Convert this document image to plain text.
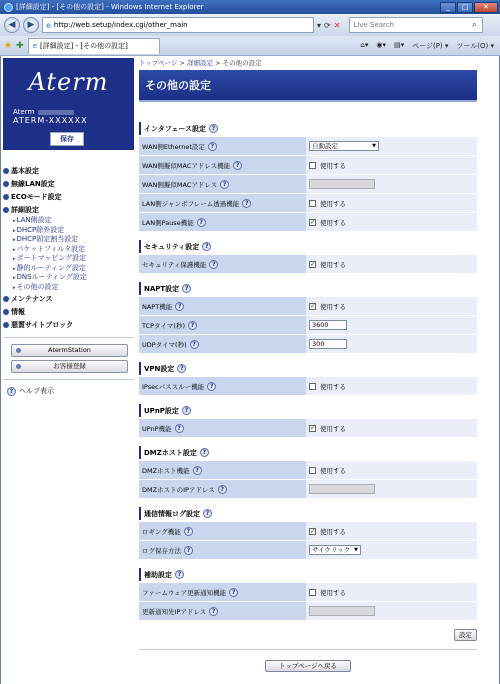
[詳細設定] - [その他の設定] - Windows Internet Explorer	_	□	✕
◀	▶	e http://web.setup/index.cgi/other_main	▾ ⟳ ✕ Live Search	⌕
★ ✚ e [詳細設定] - [その他の設定]	⌂▾ ◉▾ ▤▾ ページ(P) ▾ ツール(O) ▾
Aterm
Aterm
ATERM-XXXXXX
保存
基本設定
無線LAN設定
ECOモード設定
詳細設定
▸ LAN側設定
▸ DHCP除外設定
▸ DHCP固定割当設定
▸ パケットフィルタ設定
▸ ポートマッピング設定
▸ 静的ルーティング設定
▸ DNSルーティング設定
▸ その他の設定
メンテナンス
情報
悪質サイトブロック
AtermStation
お客様登録
? ヘルプ表示
トップページ > 詳細設定 > その他の設定
その他の設定
インタフェース設定 ?
WAN側Ethernet設定 ?	自動設定	▼
WAN側擬似MACアドレス機能 ?	使用する
WAN側擬似MACアドレス ?
LAN側ジャンボフレーム透過機能 ?	使用する
LAN側Pause機能 ? ✓	使用する
セキュリティ設定 ?
セキュリティ保護機能 ? ✓	使用する
NAPT設定 ?
NAPT機能 ? ✓	使用する
TCPタイマ(秒) ?	3600
UDPタイマ(秒) ?	300
VPN設定 ?
IPsecパススルー機能 ?	使用する
UPnP設定 ?
UPnP機能 ? ✓	使用する
DMZホスト設定 ?
DMZホスト機能 ?	使用する
DMZホストのIPアドレス ?
通信情報ログ設定 ?
ロギング機能 ? ✓	使用する
ログ保存方法 ?	サイクリック ▼
補助設定 ?
ファームウェア更新通知機能 ?	使用する
更新通知先IPアドレス ?
設定
トップページへ戻る
